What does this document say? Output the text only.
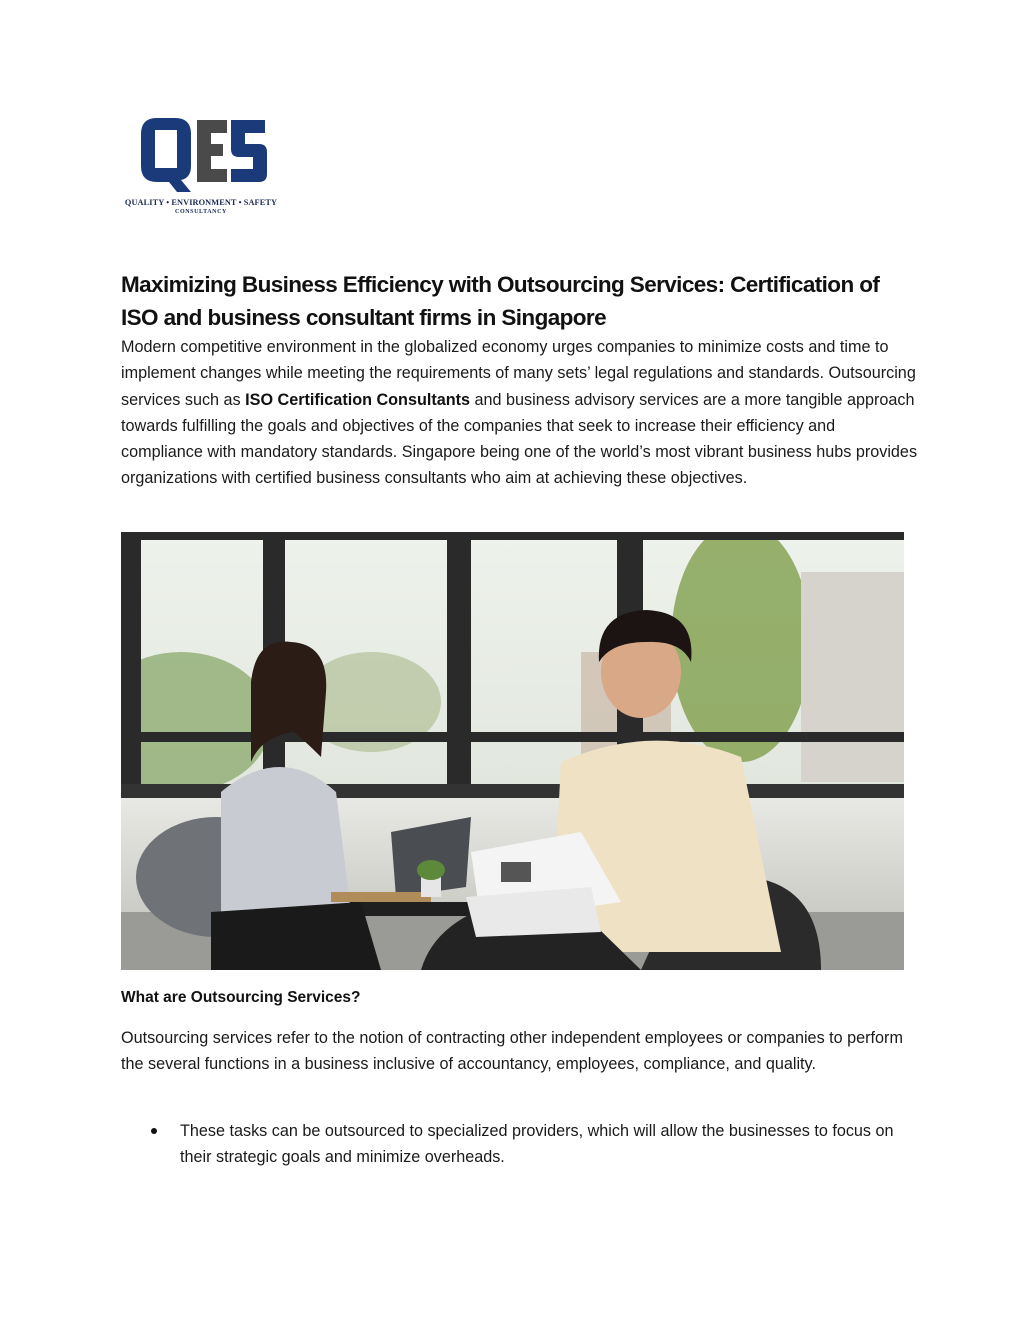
QUALITY • ENVIRONMENT • SAFETY
CONSULTANCY
Maximizing Business Efficiency with Outsourcing Services: Certification of ISO and business consultant firms in Singapore

Modern competitive environment in the globalized economy urges companies to minimize costs and time to implement changes while meeting the requirements of many sets’ legal regulations and standards. Outsourcing services such as ISO Certification Consultants and business advisory services are a more tangible approach towards fulfilling the goals and objectives of the companies that seek to increase their efficiency and compliance with mandatory standards. Singapore being one of the world’s most vibrant business hubs provides organizations with certified business consultants who aim at achieving these objectives.

What are Outsourcing Services?

Outsourcing services refer to the notion of contracting other independent employees or companies to perform the several functions in a business inclusive of accountancy, employees, compliance, and quality.

These tasks can be outsourced to specialized providers, which will allow the businesses to focus on their strategic goals and minimize overheads.
